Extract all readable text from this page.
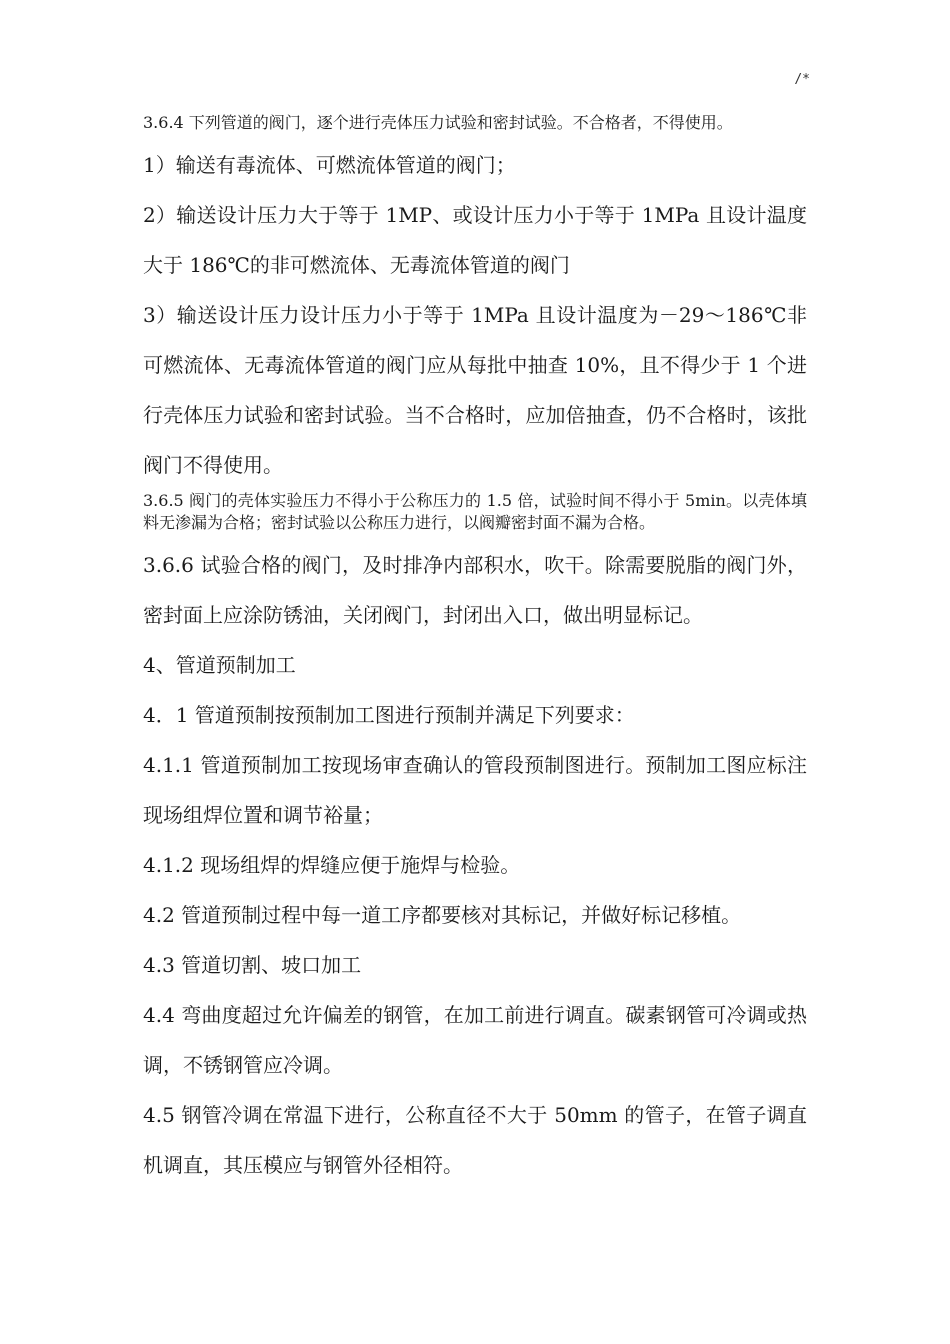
/*

3.6.4 下列管道的阀门，逐个进行壳体压力试验和密封试验。不合格者，不得使用。

1）输送有毒流体、可燃流体管道的阀门；

2）输送设计压力大于等于 1MP、或设计压力小于等于 1MPa 且设计温度大于 186℃的非可燃流体、无毒流体管道的阀门

3）输送设计压力设计压力小于等于 1MPa 且设计温度为－29～186℃非可燃流体、无毒流体管道的阀门应从每批中抽查 10%，且不得少于 1 个进行壳体压力试验和密封试验。当不合格时，应加倍抽查，仍不合格时，该批阀门不得使用。

3.6.5 阀门的壳体实验压力不得小于公称压力的 1.5 倍，试验时间不得小于 5min。以壳体填料无渗漏为合格；密封试验以公称压力进行，以阀瓣密封面不漏为合格。

3.6.6 试验合格的阀门，及时排净内部积水，吹干。除需要脱脂的阀门外，密封面上应涂防锈油，关闭阀门，封闭出入口，做出明显标记。

4、管道预制加工

4．1 管道预制按预制加工图进行预制并满足下列要求：

4.1.1 管道预制加工按现场审查确认的管段预制图进行。预制加工图应标注现场组焊位置和调节裕量；

4.1.2 现场组焊的焊缝应便于施焊与检验。

4.2 管道预制过程中每一道工序都要核对其标记，并做好标记移植。

4.3 管道切割、坡口加工

4.4 弯曲度超过允许偏差的钢管，在加工前进行调直。碳素钢管可冷调或热调，不锈钢管应冷调。

4.5 钢管冷调在常温下进行，公称直径不大于 50mm 的管子，在管子调直机调直，其压模应与钢管外径相符。
